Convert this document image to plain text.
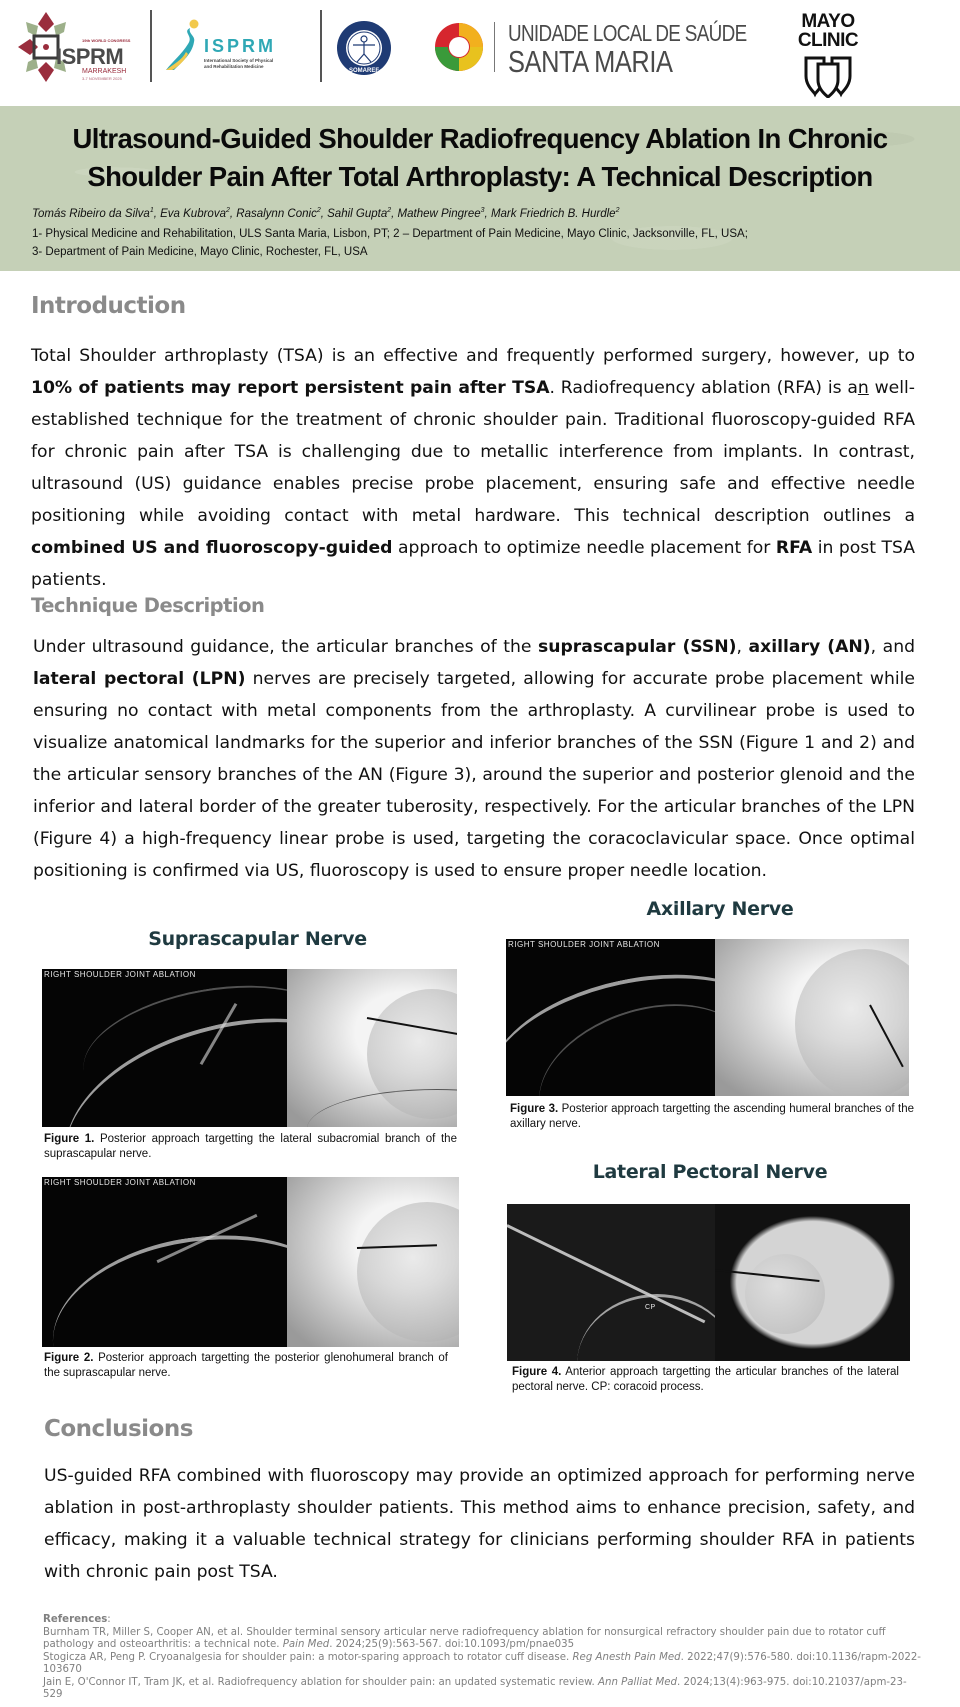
19th WORLD CONGRESS
ISPRM
MARRAKESH
3-7 NOVEMBER 2025
ISPRM
International Society of Physical
and Rehabilitation Medicine
SOMAREF
UNIDADE LOCAL DE SAÚDE
SANTA MARIA
MAYO
CLINIC
Ultrasound-Guided Shoulder Radiofrequency Ablation In Chronic
Shoulder Pain After Total Arthroplasty: A Technical Description
Tomás Ribeiro da Silva$^1$, Eva Kubrova$^2$, Rasalynn Conic$^2$, Sahil Gupta$^2$, Mathew Pingree$^3$, Mark Friedrich B. Hurdle$^2$
1- Physical Medicine and Rehabilitation, ULS Santa Maria, Lisbon, PT; 2 – Department of Pain Medicine, Mayo Clinic, Jacksonville, FL, USA;
3- Department of Pain Medicine, Mayo Clinic, Rochester, FL, USA
Introduction
Total Shoulder arthroplasty (TSA) is an effective and frequently performed surgery, however, up to 10% of patients may report persistent pain after TSA. Radiofrequency ablation (RFA) is an well-established technique for the treatment of chronic shoulder pain. Traditional fluoroscopy-guided RFA for chronic pain after TSA is challenging due to metallic interference from implants. In contrast, ultrasound (US) guidance enables precise probe placement, ensuring safe and effective needle positioning while avoiding contact with metal hardware. This technical description outlines a combined US and fluoroscopy-guided approach to optimize needle placement for RFA in post TSA patients.
Technique Description
Under ultrasound guidance, the articular branches of the suprascapular (SSN), axillary (AN), and lateral pectoral (LPN) nerves are precisely targeted, allowing for accurate probe placement while ensuring no contact with metal components from the arthroplasty. A curvilinear probe is used to visualize anatomical landmarks for the superior and inferior branches of the SSN (Figure 1 and 2) and the articular sensory branches of the AN (Figure 3), around the superior and posterior glenoid and the inferior and lateral border of the greater tuberosity, respectively. For the articular branches of the LPN (Figure 4) a high-frequency linear probe is used, targeting the coracoclavicular space. Once optimal positioning is confirmed via US, fluoroscopy is used to ensure proper needle location.
Suprascapular Nerve
RIGHT SHOULDER JOINT ABLATION
Figure 1. Posterior approach targetting the lateral subacromial branch of the suprascapular nerve.
RIGHT SHOULDER JOINT ABLATION
Figure 2. Posterior approach targetting the posterior glenohumeral branch of the suprascapular nerve.
Axillary Nerve
RIGHT SHOULDER JOINT ABLATION
Figure 3. Posterior approach targetting the ascending humeral branches of the axillary nerve.
Lateral Pectoral Nerve
CP
Figure 4. Anterior approach targetting the articular branches of the lateral pectoral nerve. CP: coracoid process.
Conclusions
US-guided RFA combined with fluoroscopy may provide an optimized approach for performing nerve ablation in post-arthroplasty shoulder patients. This method aims to enhance precision, safety, and efficacy, making it a valuable technical strategy for clinicians performing shoulder RFA in patients with chronic pain post TSA.
References:
Burnham TR, Miller S, Cooper AN, et al. Shoulder terminal sensory articular nerve radiofrequency ablation for nonsurgical refractory shoulder pain due to rotator cuff pathology and osteoarthritis: a technical note. Pain Med. 2024;25(9):563-567. doi:10.1093/pm/pnae035
Stogicza AR, Peng P. Cryoanalgesia for shoulder pain: a motor-sparing approach to rotator cuff disease. Reg Anesth Pain Med. 2022;47(9):576-580. doi:10.1136/rapm-2022-103670
Jain E, O'Connor IT, Tram JK, et al. Radiofrequency ablation for shoulder pain: an updated systematic review. Ann Palliat Med. 2024;13(4):963-975. doi:10.21037/apm-23-529
